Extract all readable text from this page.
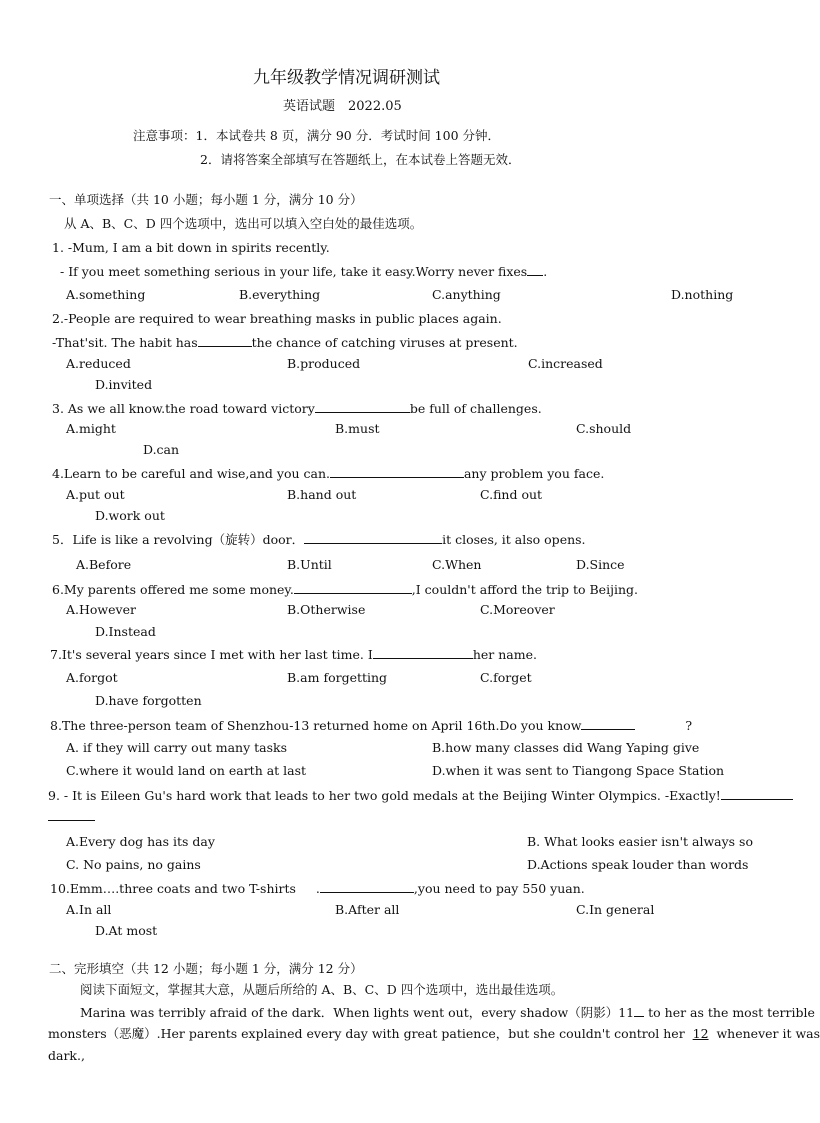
九年级教学情况调研测试
英语试题　2022.05
注意事项：1．本试卷共 8 页，满分 90 分．考试时间 100 分钟．
2．请将答案全部填写在答题纸上，在本试卷上答题无效．
一、单项选择（共 10 小题；每小题 1 分，满分 10 分）
从 A、B、C、D 四个选项中，选出可以填入空白处的最佳选项。
1. -Mum, I am a bit down in spirits recently.
- If you meet something serious in your life, take it easy.Worry never fixes .
A.something	B.everything	C.anything	D.nothing
2.-People are required to wear breathing masks in public places again.
-That'sit. The habit has	the chance of catching viruses at present.
A.reduced	B.produced	C.increased
D.invited
3. As we all know.the road toward victory	be full of challenges.
A.might	B.must	C.should
D.can
4.Learn to be careful and wise,and you can.	any problem you face.
A.put out	B.hand out	C.find out
D.work out
5．Life is like a revolving（旋转）door．	it closes, it also opens.
A.Before	B.Until	C.When	D.Since
6.My parents offered me some money.	,I couldn't afford the trip to Beijing.
A.However	B.Otherwise	C.Moreover
D.Instead
7.It's several years since I met with her last time. I	her name.
A.forgot	B.am forgetting	C.forget
D.have forgotten
8.The three-person team of Shenzhou-13 returned home on April 16th.Do you know	?
A. if they will carry out many tasks	B.how many classes did Wang Yaping give
C.where it would land on earth at last	D.when it was sent to Tiangong Space Station
9. - It is Eileen Gu's hard work that leads to her two gold medals at the Beijing Winter Olympics. -Exactly!
A.Every dog has its day	B. What looks easier isn't always so
C. No pains, no gains	D.Actions speak louder than words
10.Emm….three coats and two T-shirts .	,you need to pay 550 yuan.
A.In all	B.After all	C.In general
D.At most
二、完形填空（共 12 小题；每小题 1 分，满分 12 分）
阅读下面短文，掌握其大意，从题后所给的 A、B、C、D 四个选项中，选出最佳选项。
Marina was terribly afraid of the dark．When lights went out，every shadow（阴影）11 to her as the most terrible
monsters（恶魔）.Her parents explained every day with great patience，but she couldn't control her 12 whenever it was
dark.,
